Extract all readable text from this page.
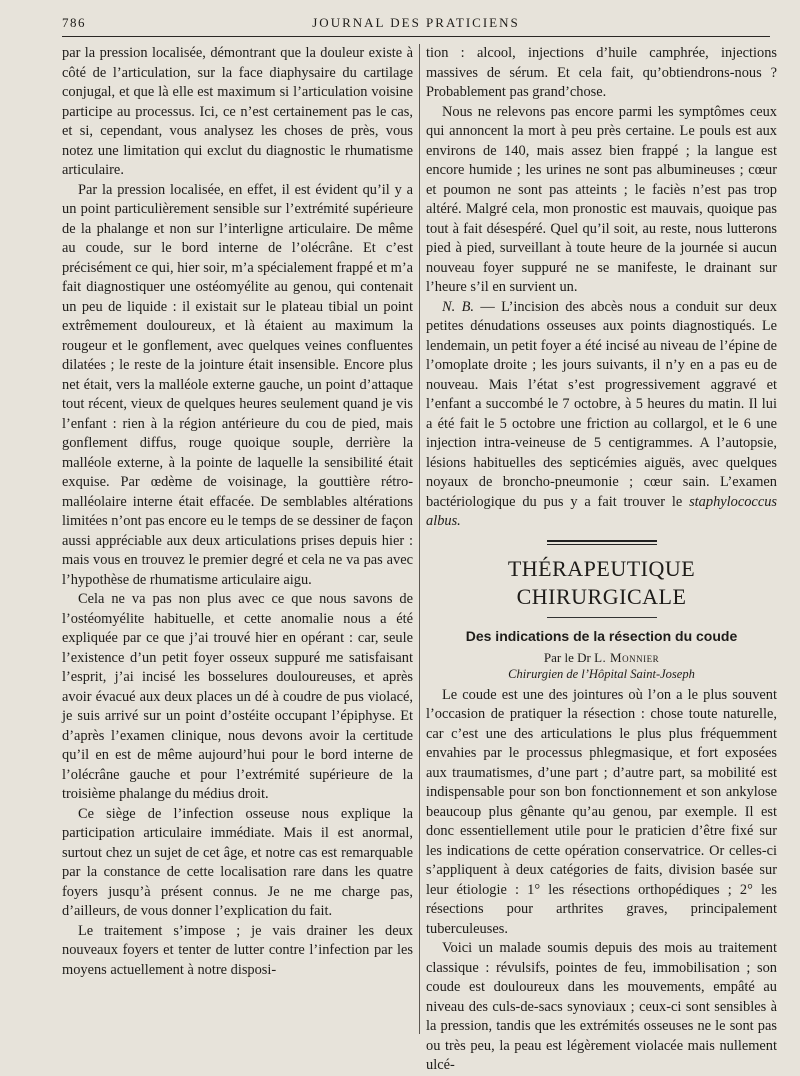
786	JOURNAL DES PRATICIENS

par la pression localisée, démontrant que la douleur existe à côté de l’articulation, sur la face diaphysaire du cartilage conjugal, et que là elle est maximum si l’articulation voisine participe au processus. Ici, ce n’est certainement pas le cas, et si, cependant, vous analysez les choses de près, vous notez une limitation qui exclut du diagnostic le rhumatisme articulaire.

Par la pression localisée, en effet, il est évident qu’il y a un point particulièrement sensible sur l’extrémité supérieure de la phalange et non sur l’interligne articulaire. De même au coude, sur le bord interne de l’olécrâne. Et c’est précisément ce qui, hier soir, m’a spécialement frappé et m’a fait diagnostiquer une ostéomyélite au genou, qui contenait un peu de liquide : il existait sur le plateau tibial un point extrêmement douloureux, et là étaient au maximum la rougeur et le gonflement, avec quelques veines confluentes dilatées ; le reste de la jointure était insensible. Encore plus net était, vers la malléole externe gauche, un point d’attaque tout récent, vieux de quelques heures seulement quand je vis l’enfant : rien à la région antérieure du cou de pied, mais gonflement diffus, rouge quoique souple, derrière la malléole externe, à la pointe de laquelle la sensibilité était exquise. Par œdème de voisinage, la gouttière rétro-malléolaire interne était effacée. De semblables altérations limitées n’ont pas encore eu le temps de se dessiner de façon aussi appréciable aux deux articulations prises depuis hier : mais vous en trouvez le premier degré et cela ne va pas avec l’hypothèse de rhumatisme articulaire aigu.

Cela ne va pas non plus avec ce que nous savons de l’ostéomyélite habituelle, et cette anomalie nous a été expliquée par ce que j’ai trouvé hier en opérant : car, seule l’existence d’un petit foyer osseux suppuré me satisfaisant l’esprit, j’ai incisé les bosselures douloureuses, et après avoir évacué aux deux places un dé à coudre de pus violacé, je suis arrivé sur un point d’ostéite occupant l’épiphyse. Et d’après l’examen clinique, nous devons avoir la certitude qu’il en est de même aujourd’hui pour le bord interne de l’olécrâne gauche et pour l’extrémité supérieure de la troisième phalange du médius droit.

Ce siège de l’infection osseuse nous explique la participation articulaire immédiate. Mais il est anormal, surtout chez un sujet de cet âge, et notre cas est remarquable par la constance de cette localisation rare dans les quatre foyers jusqu’à présent connus. Je ne me charge pas, d’ailleurs, de vous donner l’explication du fait.

Le traitement s’impose ; je vais drainer les deux nouveaux foyers et tenter de lutter contre l’infection par les moyens actuellement à notre disposi-

tion : alcool, injections d’huile camphrée, injections massives de sérum. Et cela fait, qu’obtiendrons-nous ? Probablement pas grand’chose.

Nous ne relevons pas encore parmi les symptômes ceux qui annoncent la mort à peu près certaine. Le pouls est aux environs de 140, mais assez bien frappé ; la langue est encore humide ; les urines ne sont pas albumineuses ; cœur et poumon ne sont pas atteints ; le faciès n’est pas trop altéré. Malgré cela, mon pronostic est mauvais, quoique pas tout à fait désespéré. Quel qu’il soit, au reste, nous lutterons pied à pied, surveillant à toute heure de la journée si aucun nouveau foyer suppuré ne se manifeste, le drainant sur l’heure s’il en survient un.

N. B. — L’incision des abcès nous a conduit sur deux petites dénudations osseuses aux points diagnostiqués. Le lendemain, un petit foyer a été incisé au niveau de l’épine de l’omoplate droite ; les jours suivants, il n’y en a pas eu de nouveau. Mais l’état s’est progressivement aggravé et l’enfant a succombé le 7 octobre, à 5 heures du matin. Il lui a été fait le 5 octobre une friction au collargol, et le 6 une injection intra-veineuse de 5 centigrammes. A l’autopsie, lésions habituelles des septicémies aiguës, avec quelques noyaux de broncho-pneumonie ; cœur sain. L’examen bactériologique du pus y a fait trouver le staphylococcus albus.

THÉRAPEUTIQUE CHIRURGICALE
Des indications de la résection du coude
Par le Dr L. Monnier
Chirurgien de l’Hôpital Saint-Joseph

Le coude est une des jointures où l’on a le plus souvent l’occasion de pratiquer la résection : chose toute naturelle, car c’est une des articulations le plus plus fréquemment envahies par le processus phlegmasique, et fort exposées aux traumatismes, d’une part ; d’autre part, sa mobilité est indispensable pour son bon fonctionnement et son ankylose beaucoup plus gênante qu’au genou, par exemple. Il est donc essentiellement utile pour le praticien d’être fixé sur les indications de cette opération conservatrice. Or celles-ci s’appliquent à deux catégories de faits, division basée sur leur étiologie : 1° les résections orthopédiques ; 2° les résections pour arthrites graves, principalement tuberculeuses.

Voici un malade soumis depuis des mois au traitement classique : révulsifs, pointes de feu, immobilisation ; son coude est douloureux dans les mouvements, empâté au niveau des culs-de-sacs synoviaux ; ceux-ci sont sensibles à la pression, tandis que les extrémités osseuses ne le sont pas ou très peu, la peau est légèrement violacée mais nullement ulcé-
